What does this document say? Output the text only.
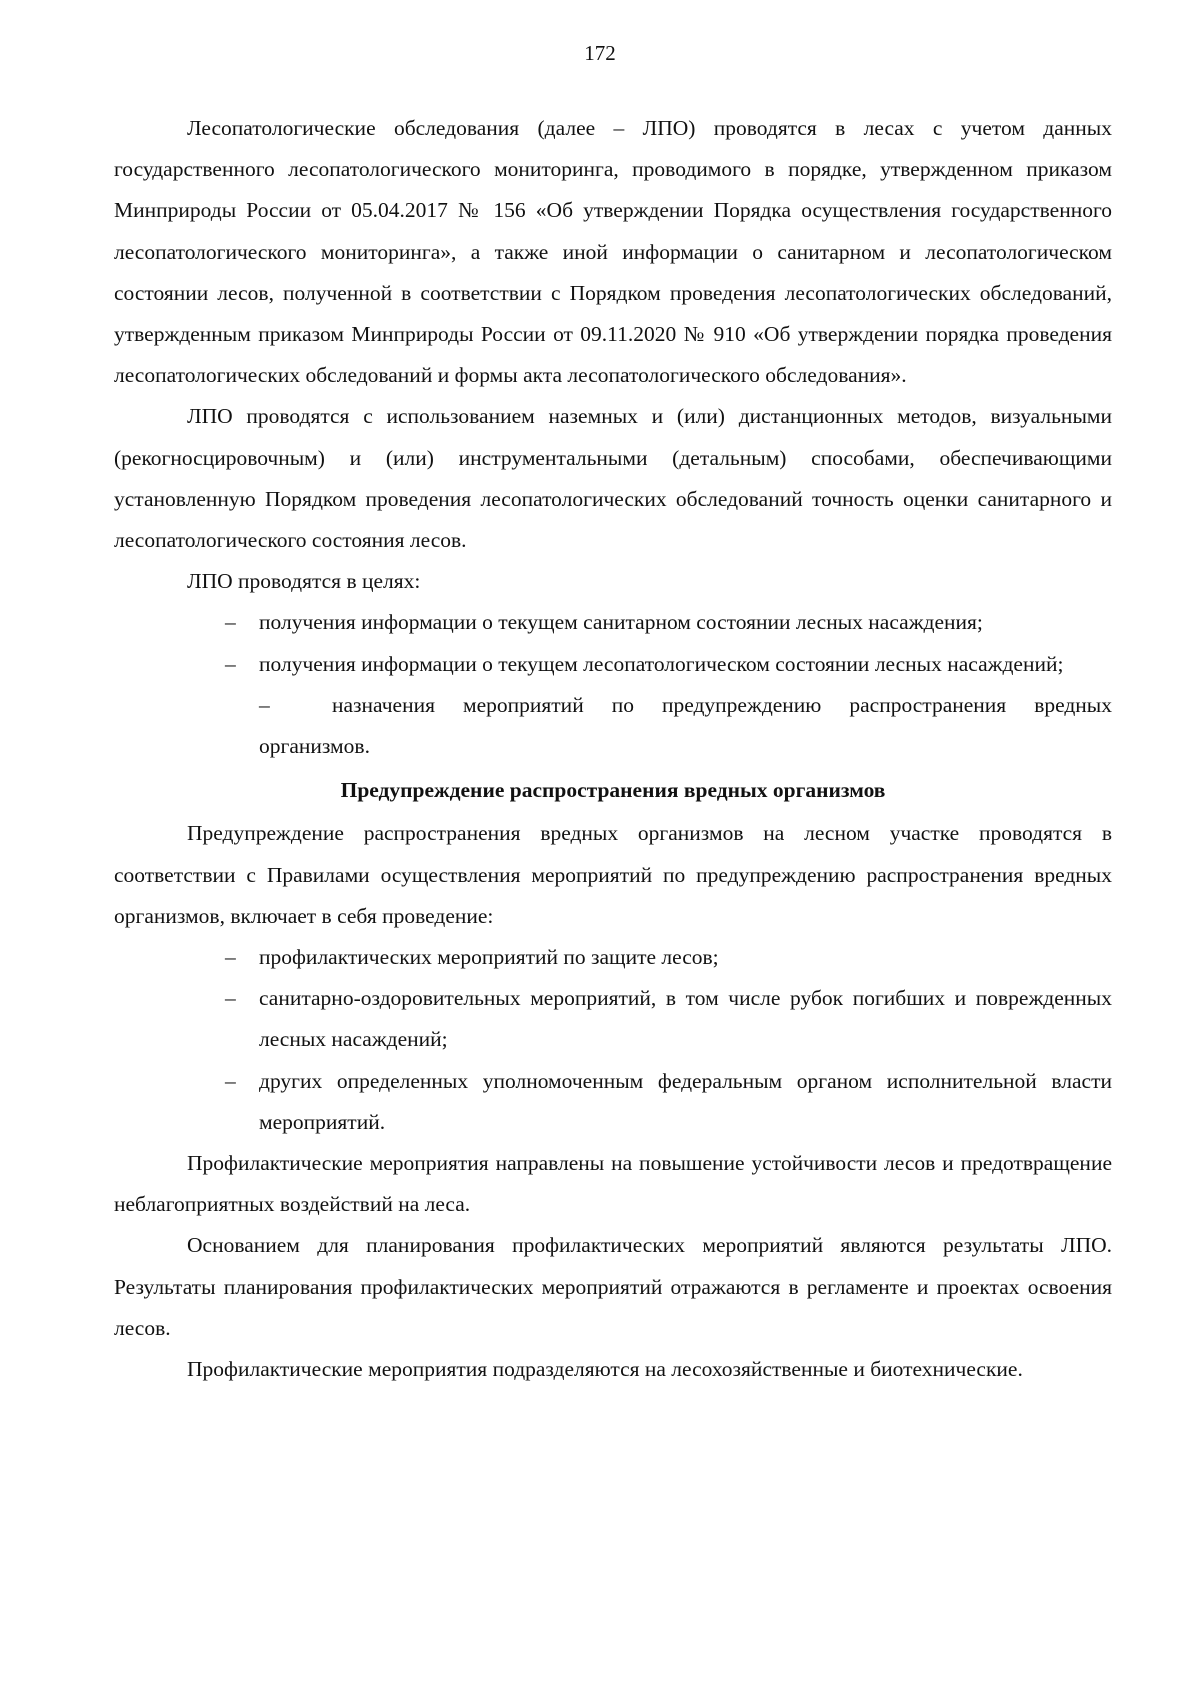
172

Лесопатологические обследования (далее – ЛПО) проводятся в лесах с учетом данных государственного лесопатологического мониторинга, проводимого в порядке, утвержденном приказом Минприроды России от 05.04.2017 № 156 «Об утверждении Порядка осуществления государственного лесопатологического мониторинга», а также иной информации о санитарном и лесопатологическом состоянии лесов, полученной в соответствии с Порядком проведения лесопатологических обследований, утвержденным приказом Минприроды России от 09.11.2020 № 910 «Об утверждении порядка проведения лесопатологических обследований и формы акта лесопатологического обследования».

ЛПО проводятся с использованием наземных и (или) дистанционных методов, визуальными (рекогносцировочным) и (или) инструментальными (детальным) способами, обеспечивающими установленную Порядком проведения лесопатологических обследований точность оценки санитарного и лесопатологического состояния лесов.

ЛПО проводятся в целях:

– получения информации о текущем санитарном состоянии лесных насаждения;
– получения информации о текущем лесопатологическом состоянии лесных насаждений;
–	назначения мероприятий по предупреждению распространения вредных организмов.
Предупреждение распространения вредных организмов

Предупреждение распространения вредных организмов на лесном участке проводятся в соответствии с Правилами осуществления мероприятий по предупреждению распространения вредных организмов, включает в себя проведение:

– профилактических мероприятий по защите лесов;
– санитарно-оздоровительных мероприятий, в том числе рубок погибших и поврежденных лесных насаждений;
– других определенных уполномоченным федеральным органом исполнительной власти мероприятий.

Профилактические мероприятия направлены на повышение устойчивости лесов и предотвращение неблагоприятных воздействий на леса.

Основанием для планирования профилактических мероприятий являются результаты ЛПО. Результаты планирования профилактических мероприятий отражаются в регламенте и проектах освоения лесов.

Профилактические мероприятия подразделяются на лесохозяйственные и биотехнические.
